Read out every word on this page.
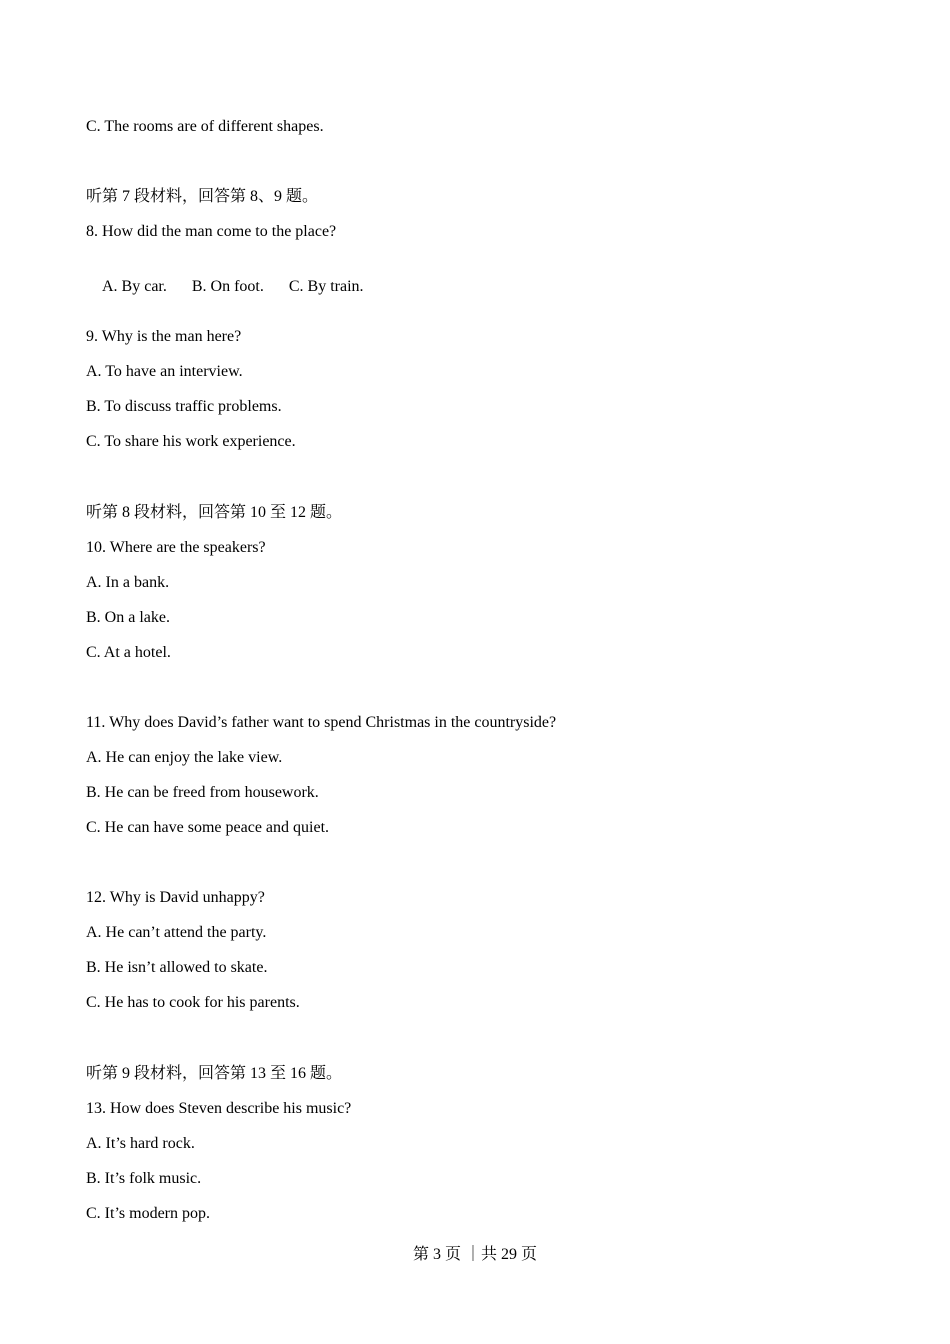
C. The rooms are of different shapes.
听第 7 段材料，回答第 8、9 题。
8. How did the man come to the place?

A. By car. B. On foot. C. By train.

9. Why is the man here?
A. To have an interview.
B. To discuss traffic problems.
C. To share his work experience.
听第 8 段材料，回答第 10 至 12 题。
10. Where are the speakers?
A. In a bank.
B. On a lake.
C. At a hotel.
11. Why does David’s father want to spend Christmas in the countryside?
A. He can enjoy the lake view.
B. He can be freed from housework.
C. He can have some peace and quiet.
12. Why is David unhappy?
A. He can’t attend the party.
B. He isn’t allowed to skate.
C. He has to cook for his parents.
听第 9 段材料，回答第 13 至 16 题。
13. How does Steven describe his music?
A. It’s hard rock.
B. It’s folk music.
C. It’s modern pop.
第 3 页 ｜共 29 页
